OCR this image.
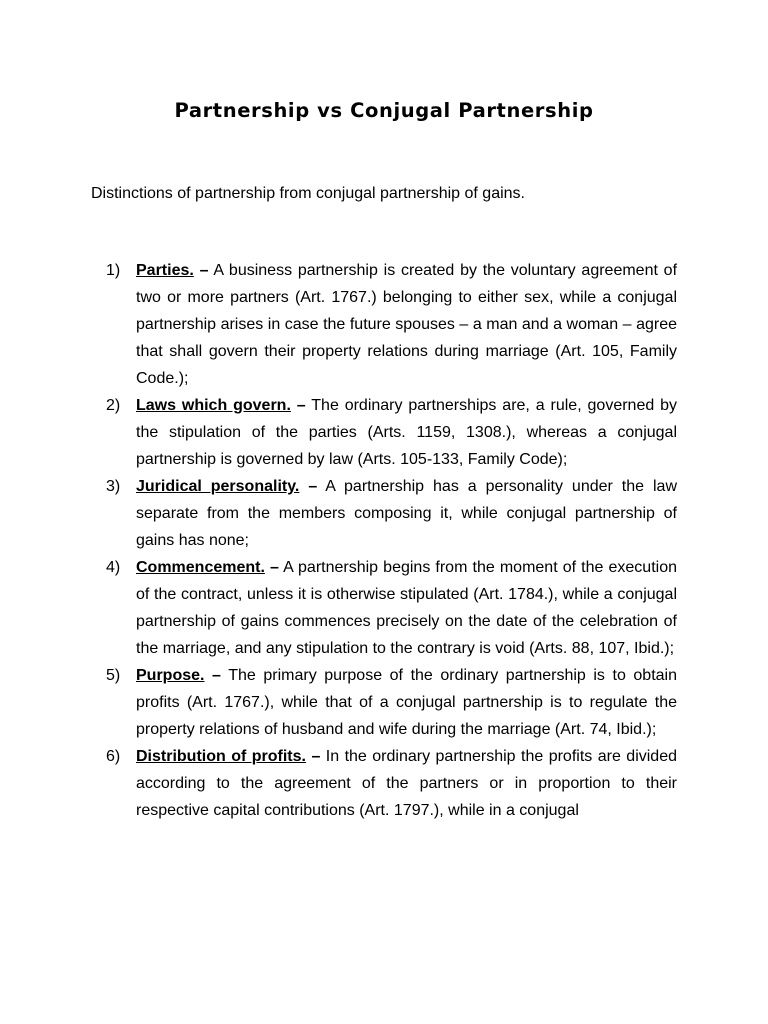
Partnership vs Conjugal Partnership

Distinctions of partnership from conjugal partnership of gains.

1) Parties. – A business partnership is created by the voluntary agreement of two or more partners (Art. 1767.) belonging to either sex, while a conjugal partnership arises in case the future spouses – a man and a woman – agree that shall govern their property relations during marriage (Art. 105, Family Code.);
2) Laws which govern. – The ordinary partnerships are, a rule, governed by the stipulation of the parties (Arts. 1159, 1308.), whereas a conjugal partnership is governed by law (Arts. 105-133, Family Code);
3) Juridical personality. – A partnership has a personality under the law separate from the members composing it, while conjugal partnership of gains has none;
4) Commencement. – A partnership begins from the moment of the execution of the contract, unless it is otherwise stipulated (Art. 1784.), while a conjugal partnership of gains commences precisely on the date of the celebration of the marriage, and any stipulation to the contrary is void (Arts. 88, 107, Ibid.);
5) Purpose. – The primary purpose of the ordinary partnership is to obtain profits (Art. 1767.), while that of a conjugal partnership is to regulate the property relations of husband and wife during the marriage (Art. 74, Ibid.);
6) Distribution of profits. – In the ordinary partnership the profits are divided according to the agreement of the partners or in proportion to their respective capital contributions (Art. 1797.), while in a conjugal
